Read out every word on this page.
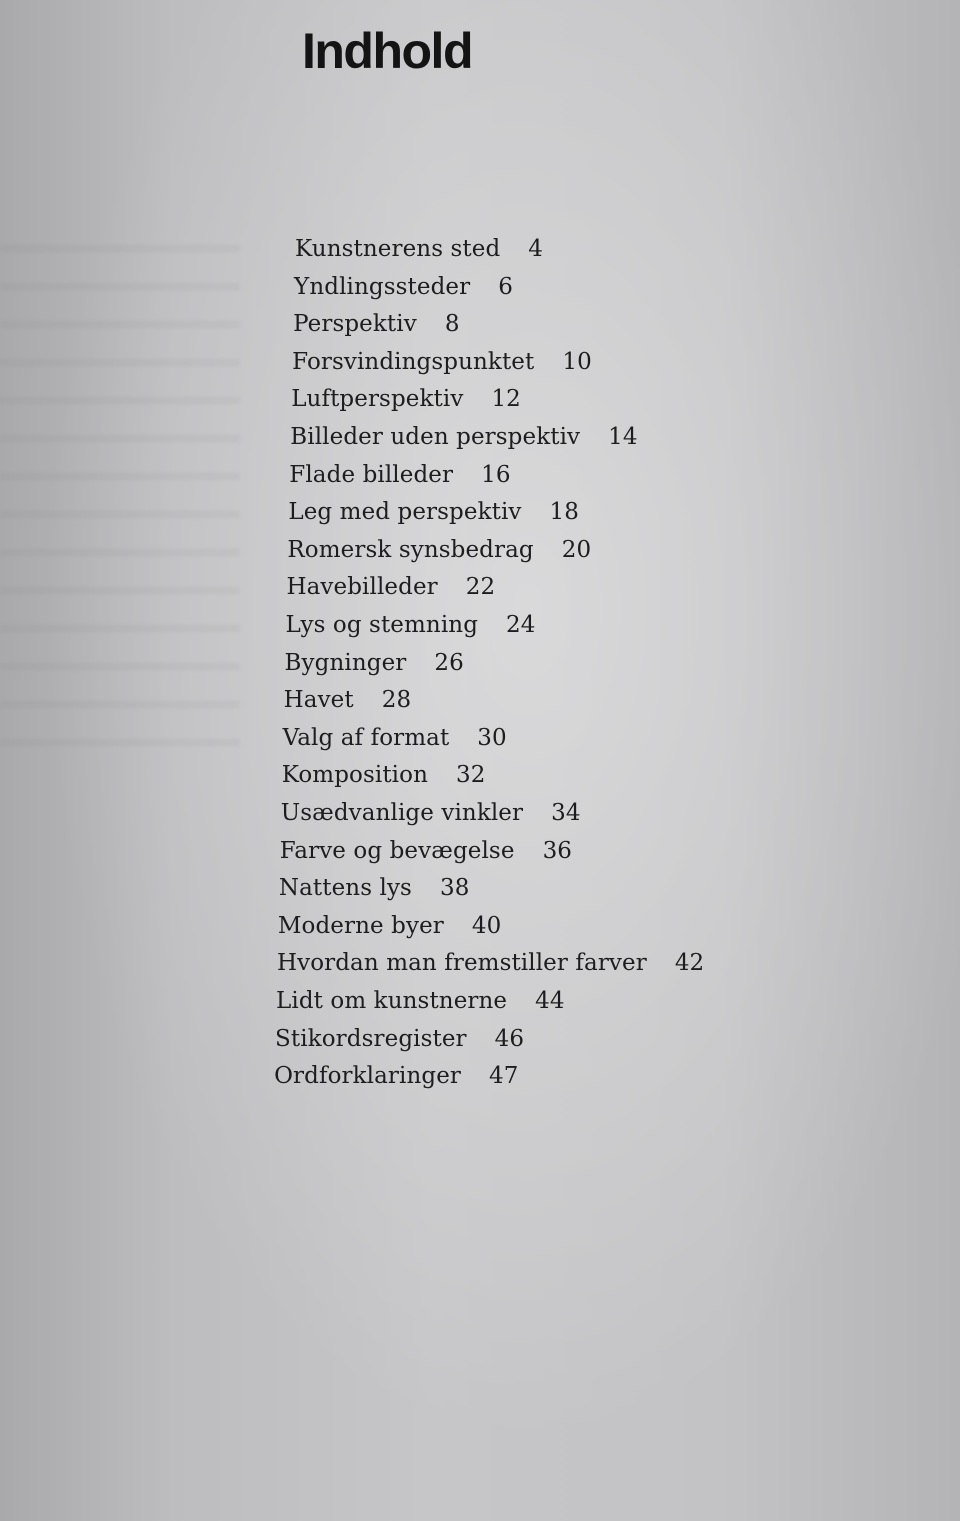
Indhold
Kunstnerens sted 4
Yndlingssteder 6
Perspektiv 8
Forsvindingspunktet 10
Luftperspektiv 12
Billeder uden perspektiv 14
Flade billeder 16
Leg med perspektiv 18
Romersk synsbedrag 20
Havebilleder 22
Lys og stemning 24
Bygninger 26
Havet 28
Valg af format 30
Komposition 32
Usædvanlige vinkler 34
Farve og bevægelse 36
Nattens lys 38
Moderne byer 40
Hvordan man fremstiller farver 42
Lidt om kunstnerne 44
Stikordsregister 46
Ordforklaringer 47
